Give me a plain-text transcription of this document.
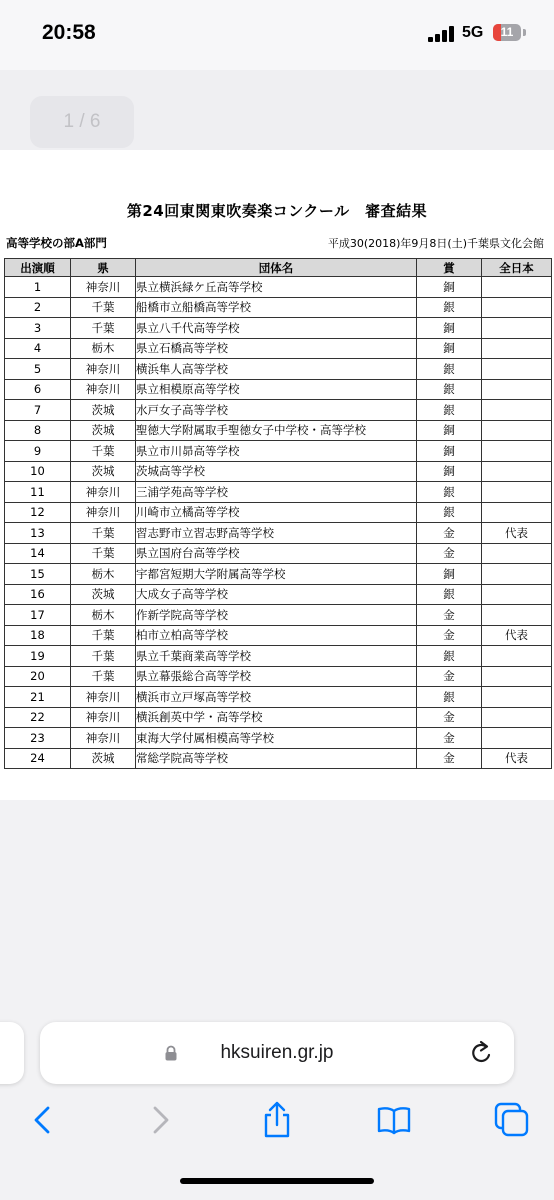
20:58	5G	11
1 / 6
第24回東関東吹奏楽コンクール　審査結果
高等学校の部A部門	平成30(2018)年9月8日(土)千葉県文化会館
出演順	県	団体名	賞	全日本
1	神奈川	県立横浜緑ケ丘高等学校	銅	
2	千葉	船橋市立船橋高等学校	銀	
3	千葉	県立八千代高等学校	銅	
4	栃木	県立石橋高等学校	銅	
5	神奈川	横浜隼人高等学校	銀	
6	神奈川	県立相模原高等学校	銀	
7	茨城	水戸女子高等学校	銀	
8	茨城	聖徳大学附属取手聖徳女子中学校・高等学校	銅	
9	千葉	県立市川昴高等学校	銅	
10	茨城	茨城高等学校	銅	
11	神奈川	三浦学苑高等学校	銀	
12	神奈川	川崎市立橘高等学校	銀	
13	千葉	習志野市立習志野高等学校	金	代表
14	千葉	県立国府台高等学校	金	
15	栃木	宇都宮短期大学附属高等学校	銅	
16	茨城	大成女子高等学校	銀	
17	栃木	作新学院高等学校	金	
18	千葉	柏市立柏高等学校	金	代表
19	千葉	県立千葉商業高等学校	銀	
20	千葉	県立幕張総合高等学校	金	
21	神奈川	横浜市立戸塚高等学校	銀	
22	神奈川	横浜創英中学・高等学校	金	
23	神奈川	東海大学付属相模高等学校	金	
24	茨城	常総学院高等学校	金	代表
hksuiren.gr.jp
